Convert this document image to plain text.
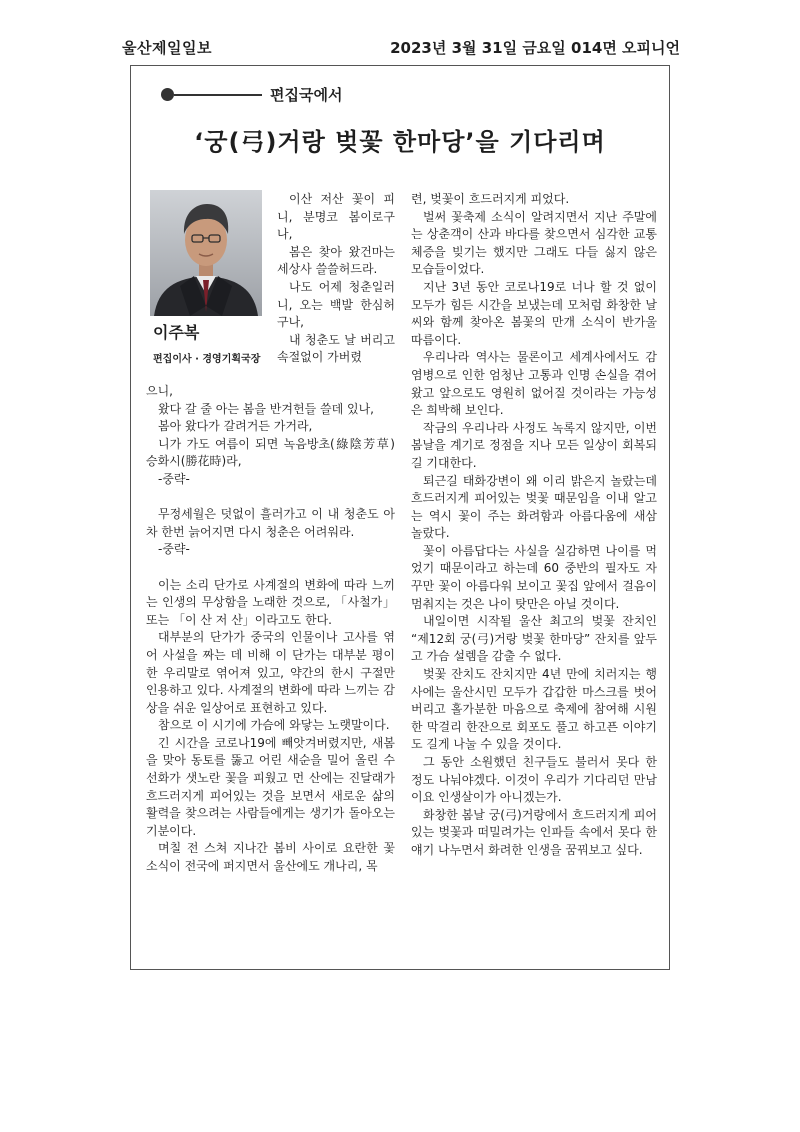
울산제일일보	2023년 3월 31일 금요일 014면 오피니언
편집국에서
‘궁(弓)거랑 벚꽃 한마당’을 기다리며
이주복
편집이사 · 경영기획국장

이산 저산 꽃이 피니, 분명코 봄이로구나,

봄은 찾아 왔건마는 세상사 쓸쓸허드라.

나도 어제 청춘일러니, 오는 백발 한심허구나,

내 청춘도 날 버리고 속절없이 가버렸

으니,

왔다 갈 줄 아는 봄을 반겨헌들 쓸데 있나,

봄아 왔다가 갈려거든 가거라,

니가 가도 여름이 되면 녹음방초(綠陰芳草) 승화시(勝花時)라,

-중략-

무정세월은 덧없이 흘러가고 이 내 청춘도 아차 한번 늙어지면 다시 청춘은 어려워라.

-중략-

이는 소리 단가로 사계절의 변화에 따라 느끼는 인생의 무상함을 노래한 것으로, 「사철가」 또는 「이 산 저 산」이라고도 한다.

대부분의 단가가 중국의 인물이나 고사를 엮어 사설을 짜는 데 비해 이 단가는 대부분 평이한 우리말로 엮어져 있고, 약간의 한시 구절만 인용하고 있다. 사계절의 변화에 따라 느끼는 감상을 쉬운 일상어로 표현하고 있다.

참으로 이 시기에 가슴에 와닿는 노랫말이다.

긴 시간을 코로나19에 빼앗겨버렸지만, 새봄을 맞아 동토를 뚫고 어린 새순을 밀어 올린 수선화가 샛노란 꽃을 피웠고 먼 산에는 진달래가 흐드러지게 피어있는 것을 보면서 새로운 삶의 활력을 찾으려는 사람들에게는 생기가 돌아오는 기분이다.

며칠 전 스쳐 지나간 봄비 사이로 요란한 꽃 소식이 전국에 퍼지면서 울산에도 개나리, 목

련, 벚꽃이 흐드러지게 피었다.

벌써 꽃축제 소식이 알려지면서 지난 주말에는 상춘객이 산과 바다를 찾으면서 심각한 교통체증을 빚기는 했지만 그래도 다들 싫지 않은 모습들이었다.

지난 3년 동안 코로나19로 너나 할 것 없이 모두가 힘든 시간을 보냈는데 모처럼 화창한 날씨와 함께 찾아온 봄꽃의 만개 소식이 반가울 따름이다.

우리나라 역사는 물론이고 세계사에서도 감염병으로 인한 엄청난 고통과 인명 손실을 겪어 왔고 앞으로도 영원히 없어질 것이라는 가능성은 희박해 보인다.

작금의 우리나라 사정도 녹록지 않지만, 이번 봄날을 계기로 정점을 지나 모든 일상이 회복되길 기대한다.

퇴근길 태화강변이 왜 이리 밝은지 놀랐는데 흐드러지게 피어있는 벚꽃 때문임을 이내 알고는 역시 꽃이 주는 화려함과 아름다움에 새삼 놀랐다.

꽃이 아름답다는 사실을 실감하면 나이를 먹었기 때문이라고 하는데 60 중반의 필자도 자꾸만 꽃이 아름다워 보이고 꽃집 앞에서 걸음이 멈춰지는 것은 나이 탓만은 아닐 것이다.

내일이면 시작될 울산 최고의 벚꽃 잔치인 “제12회 궁(弓)거랑 벚꽃 한마당” 잔치를 앞두고 가슴 설렘을 감출 수 없다.

벚꽃 잔치도 잔치지만 4년 만에 치러지는 행사에는 울산시민 모두가 갑갑한 마스크를 벗어 버리고 홀가분한 마음으로 축제에 참여해 시원한 막걸리 한잔으로 회포도 풀고 하고픈 이야기도 길게 나눌 수 있을 것이다.

그 동안 소원했던 친구들도 불러서 못다 한 정도 나눠야겠다. 이것이 우리가 기다리던 만남이요 인생살이가 아니겠는가.

화창한 봄날 궁(弓)거랑에서 흐드러지게 피어있는 벚꽃과 떠밀려가는 인파들 속에서 못다 한 얘기 나누면서 화려한 인생을 꿈꿔보고 싶다.
